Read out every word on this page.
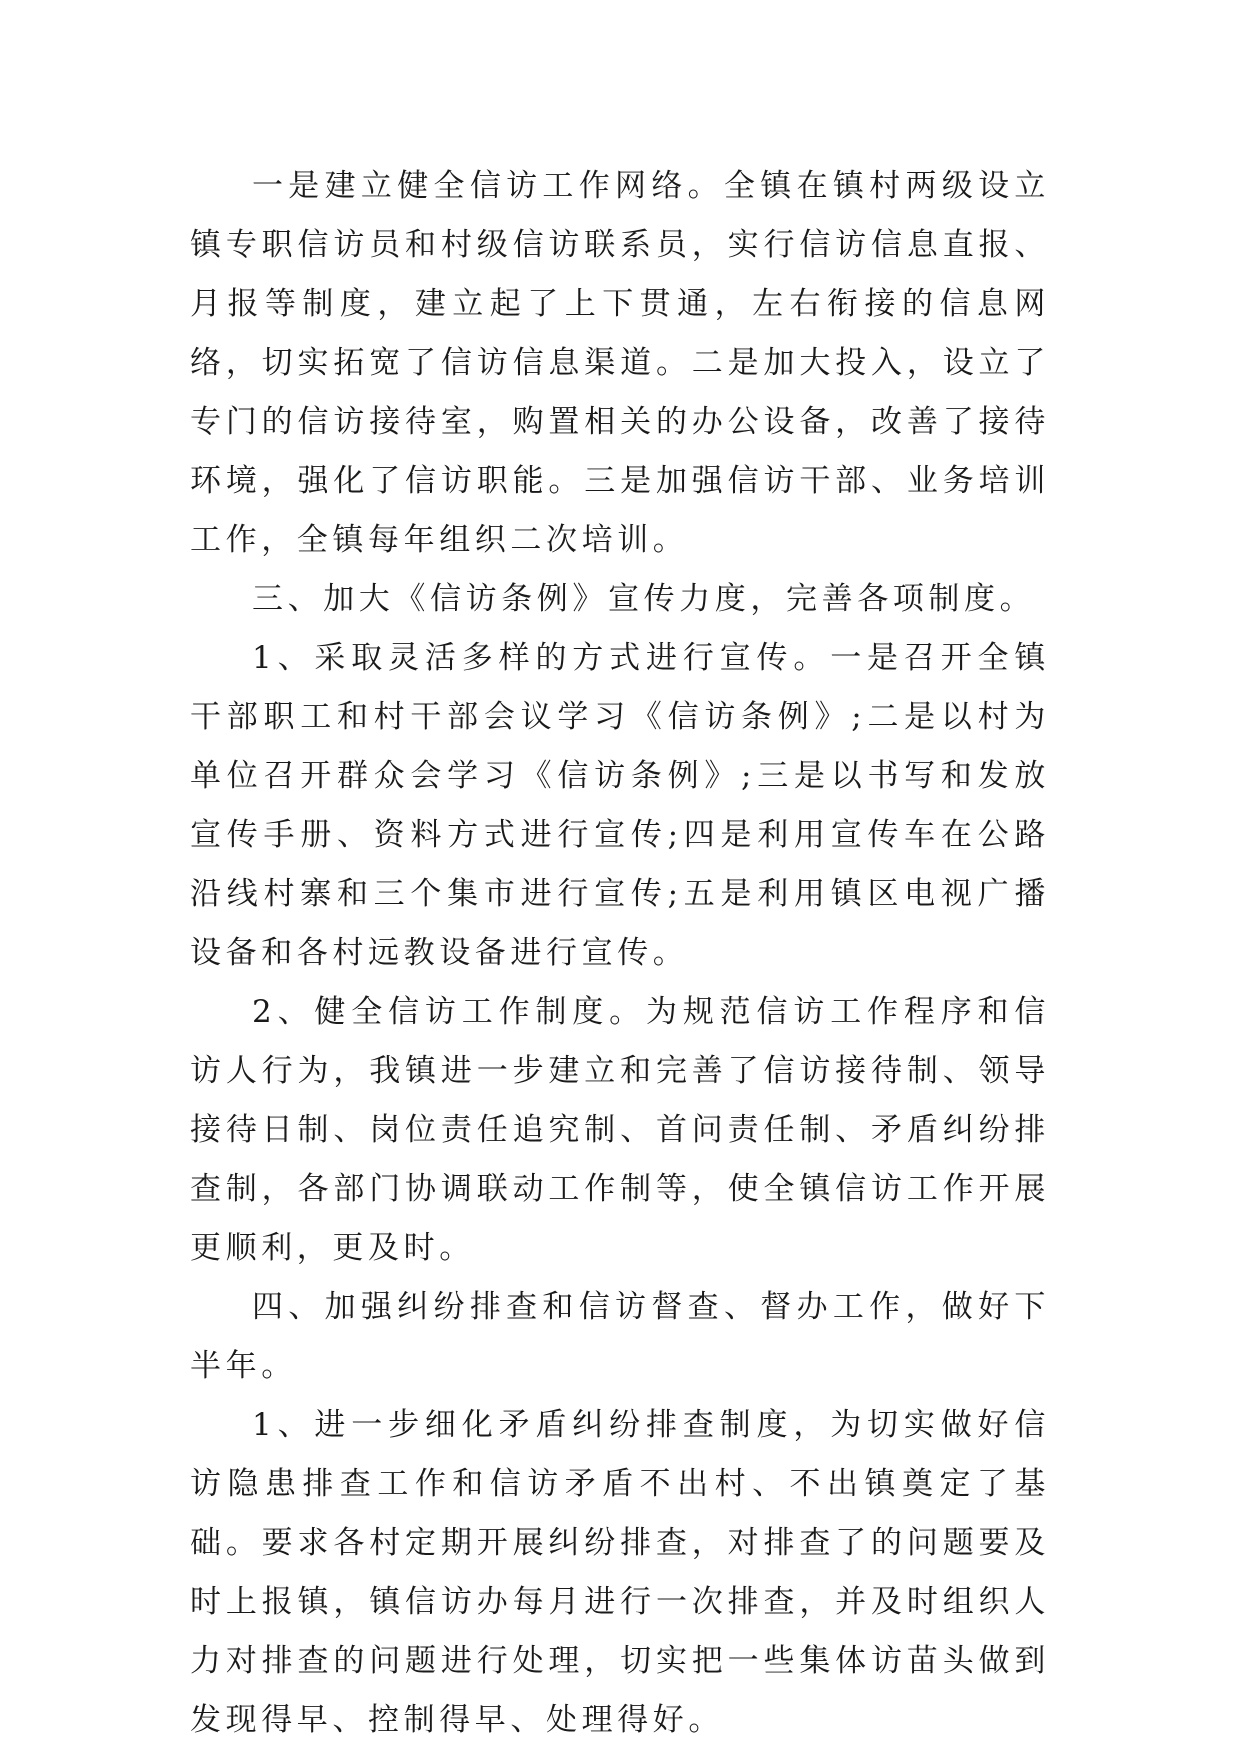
一是建立健全信访工作网络。全镇在镇村两级设立镇专职信访员和村级信访联系员，实行信访信息直报、月报等制度，建立起了上下贯通，左右衔接的信息网络，切实拓宽了信访信息渠道。二是加大投入，设立了专门的信访接待室，购置相关的办公设备，改善了接待环境，强化了信访职能。三是加强信访干部、业务培训工作，全镇每年组织二次培训。

三、加大《信访条例》宣传力度，完善各项制度。

1、采取灵活多样的方式进行宣传。一是召开全镇干部职工和村干部会议学习《信访条例》;二是以村为单位召开群众会学习《信访条例》;三是以书写和发放宣传手册、资料方式进行宣传;四是利用宣传车在公路沿线村寨和三个集市进行宣传;五是利用镇区电视广播设备和各村远教设备进行宣传。

2、健全信访工作制度。为规范信访工作程序和信访人行为，我镇进一步建立和完善了信访接待制、领导接待日制、岗位责任追究制、首问责任制、矛盾纠纷排查制，各部门协调联动工作制等，使全镇信访工作开展更顺利，更及时。

四、加强纠纷排查和信访督查、督办工作，做好下半年。

1、进一步细化矛盾纠纷排查制度，为切实做好信访隐患排查工作和信访矛盾不出村、不出镇奠定了基础。要求各村定期开展纠纷排查，对排查了的问题要及时上报镇，镇信访办每月进行一次排查，并及时组织人力对排查的问题进行处理，切实把一些集体访苗头做到发现得早、控制得早、处理得好。
